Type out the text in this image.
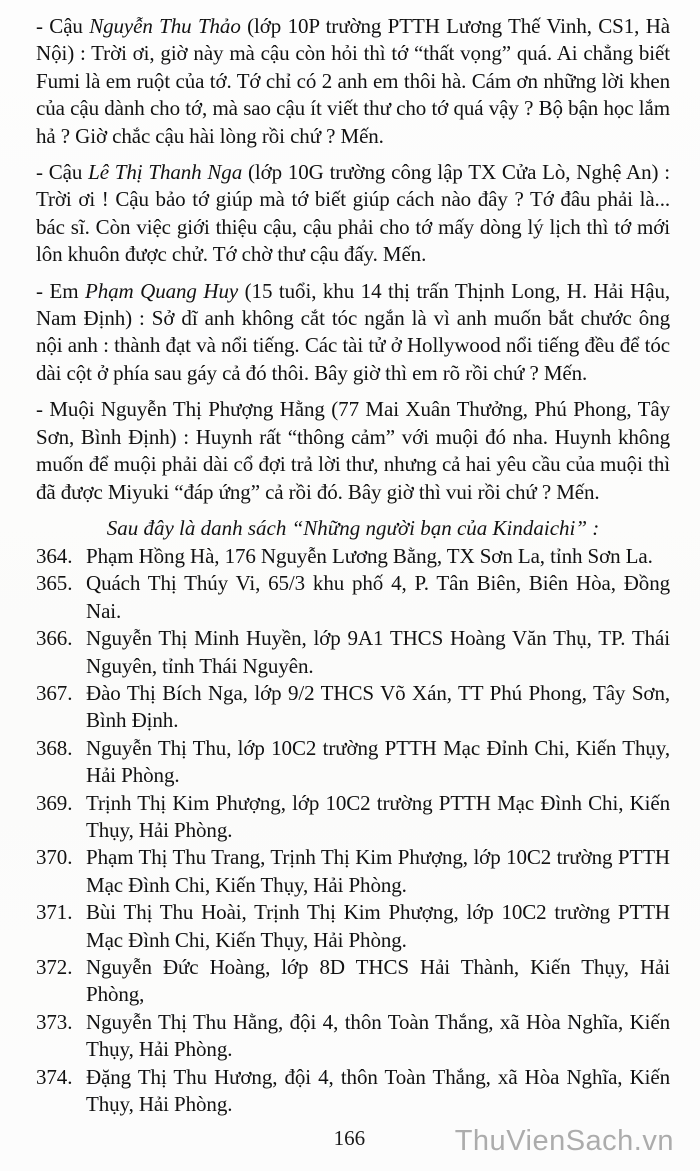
- Cậu Nguyễn Thu Thảo (lớp 10P trường PTTH Lương Thế Vinh, CS1, Hà Nội) : Trời ơi, giờ này mà cậu còn hỏi thì tớ “thất vọng” quá. Ai chẳng biết Fumi là em ruột của tớ. Tớ chỉ có 2 anh em thôi hà. Cám ơn những lời khen của cậu dành cho tớ, mà sao cậu ít viết thư cho tớ quá vậy ? Bộ bận học lắm hả ? Giờ chắc cậu hài lòng rồi chứ ? Mến.

- Cậu Lê Thị Thanh Nga (lớp 10G trường công lập TX Cửa Lò, Nghệ An) : Trời ơi ! Cậu bảo tớ giúp mà tớ biết giúp cách nào đây ? Tớ đâu phải là... bác sĩ. Còn việc giới thiệu cậu, cậu phải cho tớ mấy dòng lý lịch thì tớ mới lôn khuôn được chử. Tớ chờ thư cậu đấy. Mến.

- Em Phạm Quang Huy (15 tuổi, khu 14 thị trấn Thịnh Long, H. Hải Hậu, Nam Định) : Sở dĩ anh không cắt tóc ngắn là vì anh muốn bắt chước ông nội anh : thành đạt và nổi tiếng. Các tài tử ở Hollywood nổi tiếng đều để tóc dài cột ở phía sau gáy cả đó thôi. Bây giờ thì em rõ rồi chứ ? Mến.

- Muội Nguyễn Thị Phượng Hằng (77 Mai Xuân Thưởng, Phú Phong, Tây Sơn, Bình Định) : Huynh rất “thông cảm” với muội đó nha. Huynh không muốn để muội phải dài cổ đợi trả lời thư, nhưng cả hai yêu cầu của muội thì đã được Miyuki “đáp ứng” cả rồi đó. Bây giờ thì vui rồi chứ ? Mến.

Sau đây là danh sách “Những người bạn của Kindaichi” :

364. Phạm Hồng Hà, 176 Nguyễn Lương Bằng, TX Sơn La, tỉnh Sơn La.
365. Quách Thị Thúy Vi, 65/3 khu phố 4, P. Tân Biên, Biên Hòa, Đồng Nai.
366. Nguyễn Thị Minh Huyền, lớp 9A1 THCS Hoàng Văn Thụ, TP. Thái Nguyên, tỉnh Thái Nguyên.
367. Đào Thị Bích Nga, lớp 9/2 THCS Võ Xán, TT Phú Phong, Tây Sơn, Bình Định.
368. Nguyễn Thị Thu, lớp 10C2 trường PTTH Mạc Đỉnh Chi, Kiến Thụy, Hải Phòng.
369. Trịnh Thị Kim Phượng, lớp 10C2 trường PTTH Mạc Đình Chi, Kiến Thụy, Hải Phòng.
370. Phạm Thị Thu Trang, Trịnh Thị Kim Phượng, lớp 10C2 trường PTTH Mạc Đình Chi, Kiến Thụy, Hải Phòng.
371. Bùi Thị Thu Hoài, Trịnh Thị Kim Phượng, lớp 10C2 trường PTTH Mạc Đình Chi, Kiến Thụy, Hải Phòng.
372. Nguyễn Đức Hoàng, lớp 8D THCS Hải Thành, Kiến Thụy, Hải Phòng,
373. Nguyễn Thị Thu Hằng, đội 4, thôn Toàn Thắng, xã Hòa Nghĩa, Kiến Thụy, Hải Phòng.
374. Đặng Thị Thu Hương, đội 4, thôn Toàn Thắng, xã Hòa Nghĩa, Kiến Thụy, Hải Phòng.
166	ThuVienSach.vn
